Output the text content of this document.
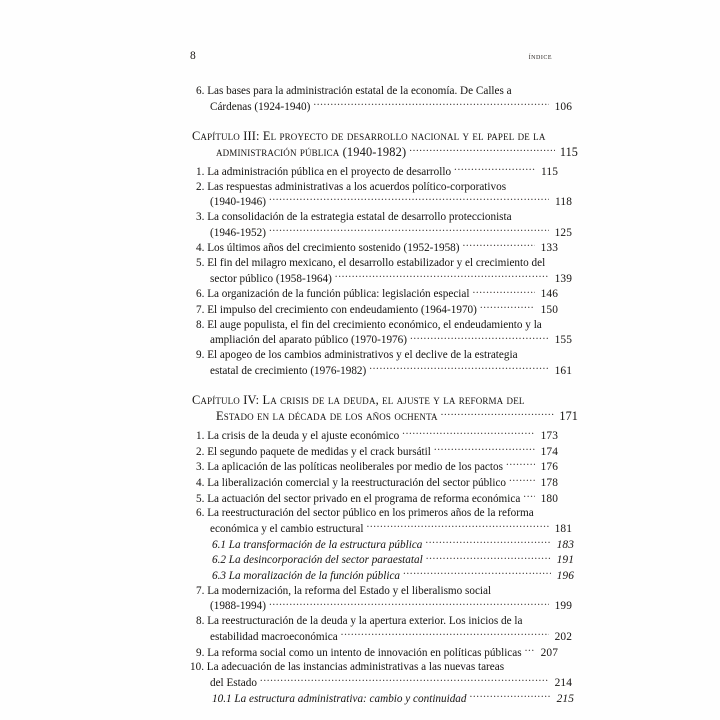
8	índice
6. Las bases para la administración estatal de la economía. De Calles a
Cárdenas (1924-1940) .....	106
Capítulo III: El proyecto de desarrollo nacional y el papel de la
administración pública (1940-1982) .....	115
1. La administración pública en el proyecto de desarrollo .....	115
2. Las respuestas administrativas a los acuerdos político-corporativos
(1940-1946) .....	118
3. La consolidación de la estrategia estatal de desarrollo proteccionista
(1946-1952) .....	125
4. Los últimos años del crecimiento sostenido (1952-1958) .....	133
5. El fin del milagro mexicano, el desarrollo estabilizador y el crecimiento del
sector público (1958-1964) .....	139
6. La organización de la función pública: legislación especial .....	146
7. El impulso del crecimiento con endeudamiento (1964-1970) .....	150
8. El auge populista, el fin del crecimiento económico, el endeudamiento y la
ampliación del aparato público (1970-1976) .....	155
9. El apogeo de los cambios administrativos y el declive de la estrategia
estatal de crecimiento (1976-1982) .....	161
Capítulo IV: La crisis de la deuda, el ajuste y la reforma del
Estado en la década de los años ochenta .....	171
1. La crisis de la deuda y el ajuste económico .....	173
2. El segundo paquete de medidas y el crack bursátil .....	174
3. La aplicación de las políticas neoliberales por medio de los pactos .....	176
4. La liberalización comercial y la reestructuración del sector público .....	178
5. La actuación del sector privado en el programa de reforma económica .....	180
6. La reestructuración del sector público en los primeros años de la reforma
económica y el cambio estructural .....	181
6.1 La transformación de la estructura pública .....	183
6.2 La desincorporación del sector paraestatal .....	191
6.3 La moralización de la función pública .....	196
7. La modernización, la reforma del Estado y el liberalismo social
(1988-1994) .....	199
8. La reestructuración de la deuda y la apertura exterior. Los inicios de la
estabilidad macroeconómica .....	202
9. La reforma social como un intento de innovación en políticas públicas .....	207
10. La adecuación de las instancias administrativas a las nuevas tareas
del Estado .....	214
10.1 La estructura administrativa: cambio y continuidad .....	215
